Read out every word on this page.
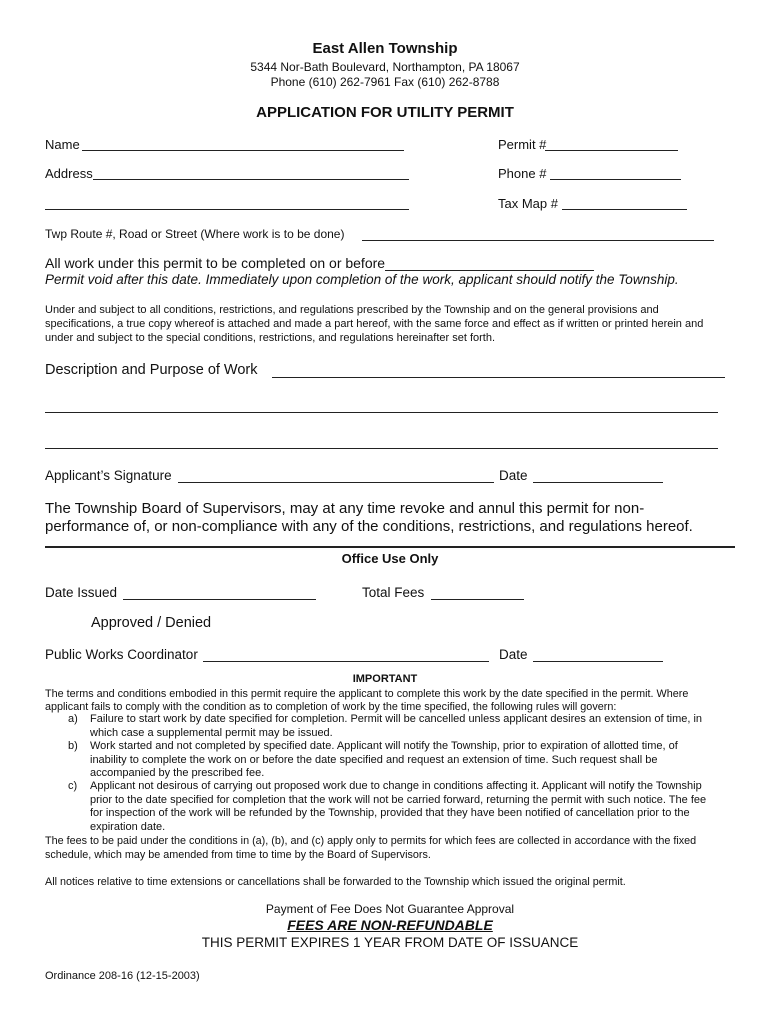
East Allen Township
5344 Nor-Bath Boulevard, Northampton, PA 18067
Phone (610) 262-7961 Fax (610) 262-8788
APPLICATION FOR UTILITY PERMIT
Name	Permit #
Address	Phone #
Tax Map #
Twp Route #, Road or Street (Where work is to be done)
All work under this permit to be completed on or before
Permit void after this date. Immediately upon completion of the work, applicant should notify the Township.
Under and subject to all conditions, restrictions, and regulations prescribed by the Township and on the general provisions and
specifications, a true copy whereof is attached and made a part hereof, with the same force and effect as if written or printed herein and
under and subject to the special conditions, restrictions, and regulations hereinafter set forth.
Description and Purpose of Work
Applicant’s Signature	Date
The Township Board of Supervisors, may at any time revoke and annul this permit for non-
performance of, or non-compliance with any of the conditions, restrictions, and regulations hereof.
Office Use Only
Date Issued	Total Fees
Approved / Denied
Public Works Coordinator	Date
IMPORTANT
The terms and conditions embodied in this permit require the applicant to complete this work by the date specified in the permit. Where
applicant fails to comply with the condition as to completion of work by the time specified, the following rules will govern:
a) Failure to start work by date specified for completion. Permit will be cancelled unless applicant desires an extension of time, in
which case a supplemental permit may be issued.
b) Work started and not completed by specified date. Applicant will notify the Township, prior to expiration of allotted time, of
inability to complete the work on or before the date specified and request an extension of time. Such request shall be
accompanied by the prescribed fee.
c) Applicant not desirous of carrying out proposed work due to change in conditions affecting it. Applicant will notify the Township
prior to the date specified for completion that the work will not be carried forward, returning the permit with such notice. The fee
for inspection of the work will be refunded by the Township, provided that they have been notified of cancellation prior to the
expiration date.
The fees to be paid under the conditions in (a), (b), and (c) apply only to permits for which fees are collected in accordance with the fixed
schedule, which may be amended from time to time by the Board of Supervisors.
All notices relative to time extensions or cancellations shall be forwarded to the Township which issued the original permit.
Payment of Fee Does Not Guarantee Approval
FEES ARE NON-REFUNDABLE
THIS PERMIT EXPIRES 1 YEAR FROM DATE OF ISSUANCE
Ordinance 208-16 (12-15-2003)
